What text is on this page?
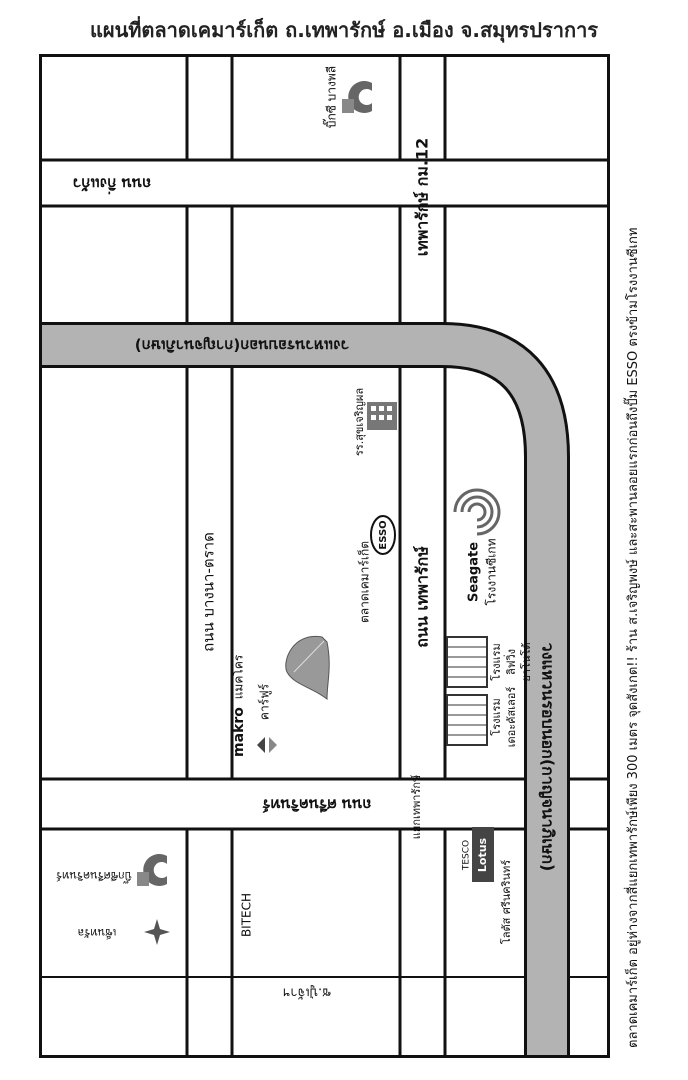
แผนที่ตลาดเคมาร์เก็ต ถ.เทพารักษ์ อ.เมือง จ.สมุทรปราการ
วงแหวนรอบนอก(กาญจนาภิเษก)
วงแหวนรอบนอก(กาญจนาภิเษก)
ถนน เทพารักษ์
เทพารักษ์ กม.12
ถนน บางนา-ตราด
ถนน ศรีนครินทร์
ถนน กิ่งแก้ว
ซ.ปู่เจ้าฯ
แยกเทพารักษ์
บิ๊กซี บางพลี
รร.สุขเจริญผล
ESSO
ตลาดเคมาร์เก็ต
makro
แมคโคร
คาร์ฟูร์
Seagate โรงงานซีเกท
โรงแรม เดอะคัสเลอร์
โรงแรม ลิฟวิ่ง ยาโนโต้
TESCO Lotus
โลตัส ศรีนครินทร์
บิ๊กซีศรีนครินทร์
เซ็นทรัล	BITECH	ตลาดเคมาร์เก็ต อยู่ห่างจากสี่แยกเทพารักษ์เพียง 300 เมตร จุดสังเกต!! ร้าน ส.เจริญพงษ์ และสะพานลอยแรกก่อนถึงปั๊ม ESSO ตรงข้ามโรงงานซีเกท
